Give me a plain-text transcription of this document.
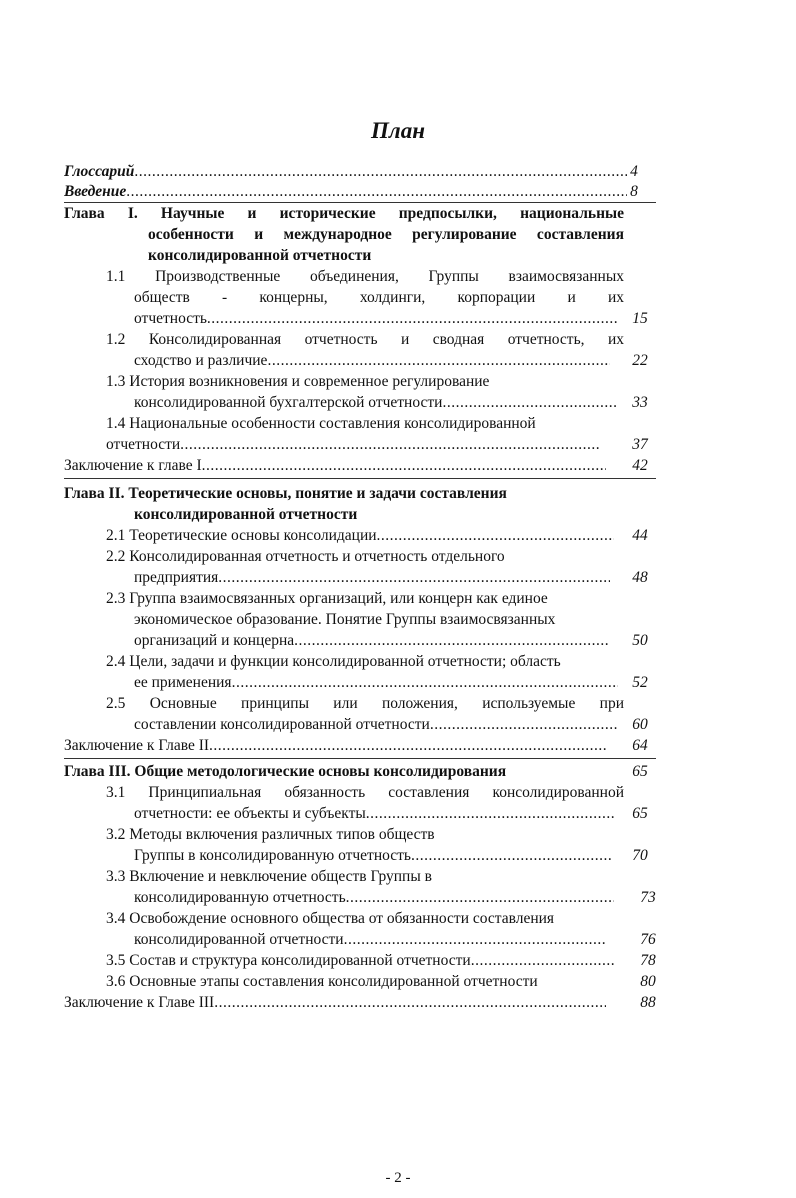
План
Глоссарий .....	4
Введение .....	8
Глава I. Научные и исторические предпосылки, национальные
особенности и международное регулирование составления
консолидированной отчетности
1.1 Производственные объединения, Группы взаимосвязанных
обществ - концерны, холдинги, корпорации и их
отчетность .....	15
1.2 Консолидированная отчетность и сводная отчетность, их
сходство и различие .....	22
1.3 История возникновения и современное регулирование
консолидированной бухгалтерской отчетности .....	33
1.4 Национальные особенности составления консолидированной
отчетности .....	37
Заключение к главе I .....	42
Глава II. Теоретические основы, понятие и задачи составления
консолидированной отчетности
2.1 Теоретические основы консолидации .....	44
2.2 Консолидированная отчетность и отчетность отдельного
предприятия .....	48
2.3 Группа взаимосвязанных организаций, или концерн как единое
экономическое образование. Понятие Группы взаимосвязанных
организаций и концерна .....	50
2.4 Цели, задачи и функции консолидированной отчетности; область
ее применения .....	52
2.5 Основные принципы или положения, используемые при
составлении консолидированной отчетности .....	60
Заключение к Главе II .....	64
Глава III. Общие методологические основы консолидирования	65
3.1 Принципиальная обязанность составления консолидированной
отчетности: ее объекты и субъекты .....	65
3.2 Методы включения различных типов обществ
Группы в консолидированную отчетность .....	70
3.3 Включение и невключение обществ Группы в
консолидированную отчетность .....	73
3.4 Освобождение основного общества от обязанности составления
консолидированной отчетности .....	76
3.5 Состав и структура консолидированной отчетности .....	78
3.6 Основные этапы составления консолидированной отчетности	80
Заключение к Главе III .....	88
- 2 -
